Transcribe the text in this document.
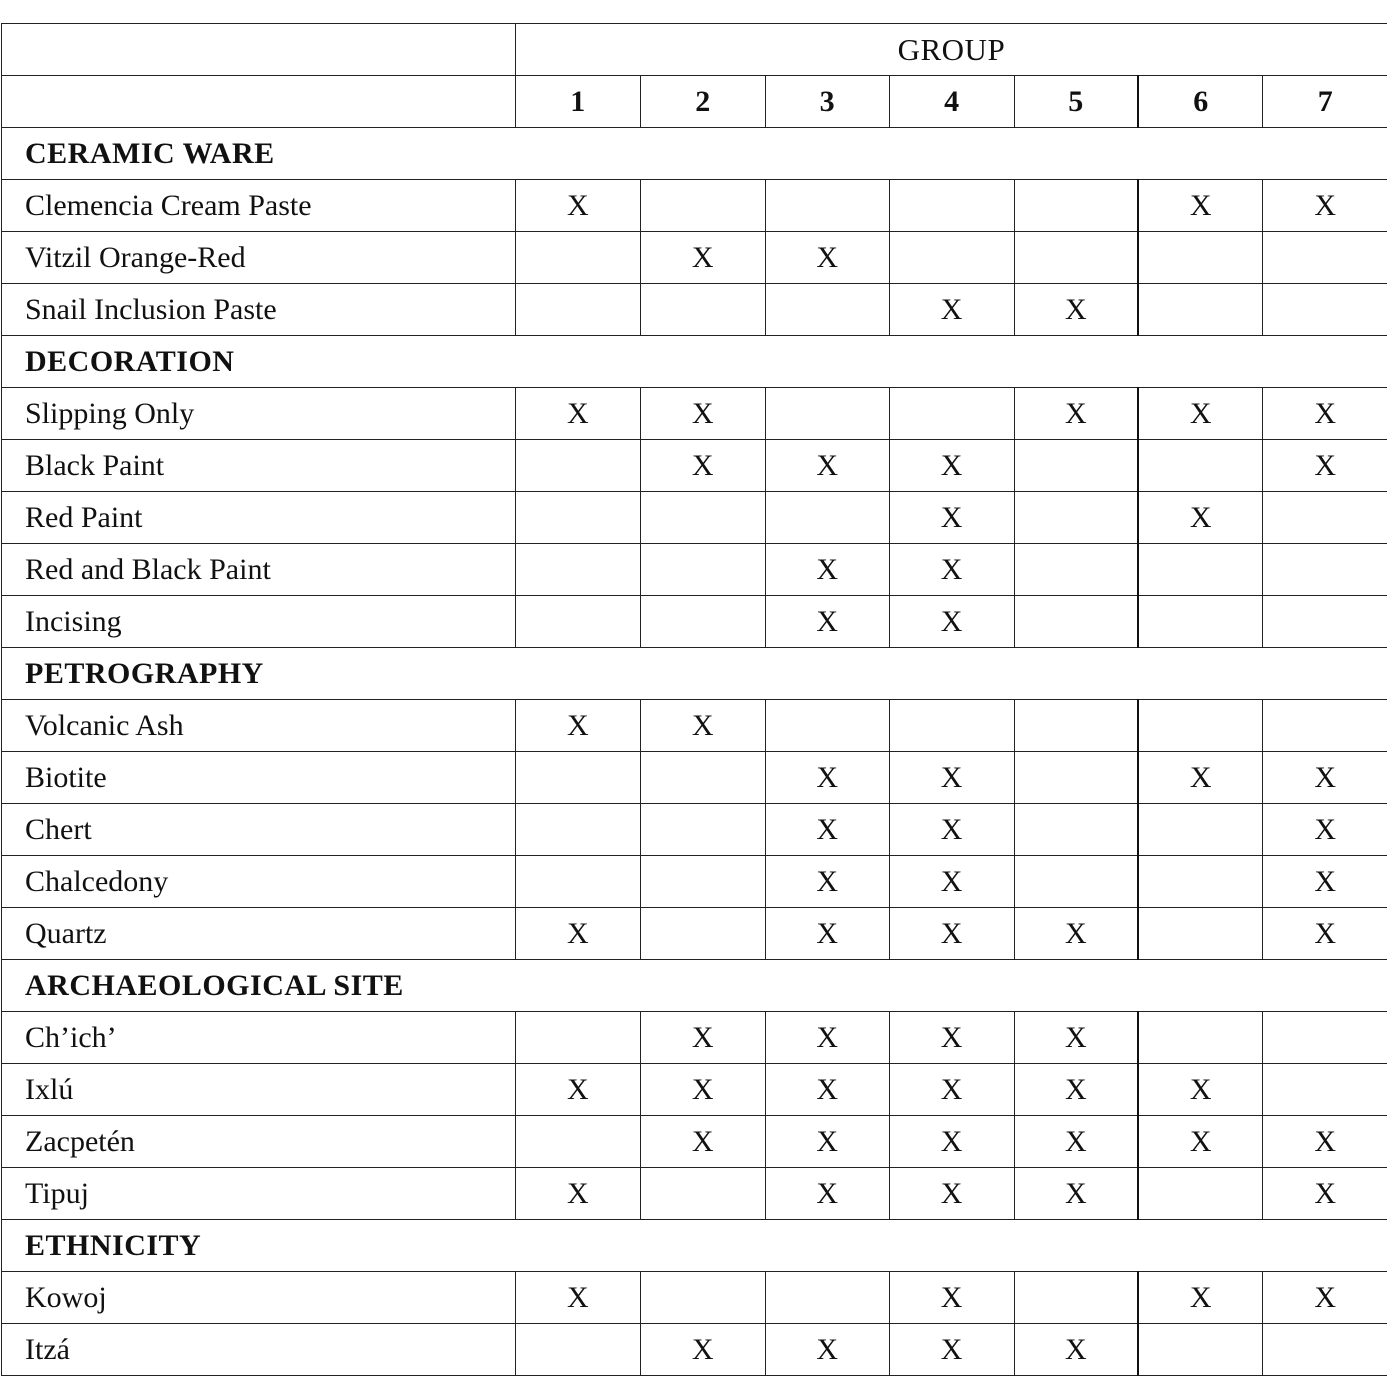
	GROUP						
	1	2	3	4	5	6	7
CERAMIC WARE							
Clemencia Cream Paste	X					X	X
Vitzil Orange-Red		X	X				
Snail Inclusion Paste				X	X		
DECORATION							
Slipping Only	X	X			X	X	X
Black Paint		X	X	X			X
Red Paint				X		X	
Red and Black Paint			X	X			
Incising			X	X			
PETROGRAPHY							
Volcanic Ash	X	X					
Biotite			X	X		X	X
Chert			X	X			X
Chalcedony			X	X			X
Quartz	X		X	X	X		X
ARCHAEOLOGICAL SITE							
Ch’ich’		X	X	X	X		
Ixlú	X	X	X	X	X	X	
Zacpetén		X	X	X	X	X	X
Tipuj	X		X	X	X		X
ETHNICITY							
Kowoj	X			X		X	X
Itzá		X	X	X	X		
